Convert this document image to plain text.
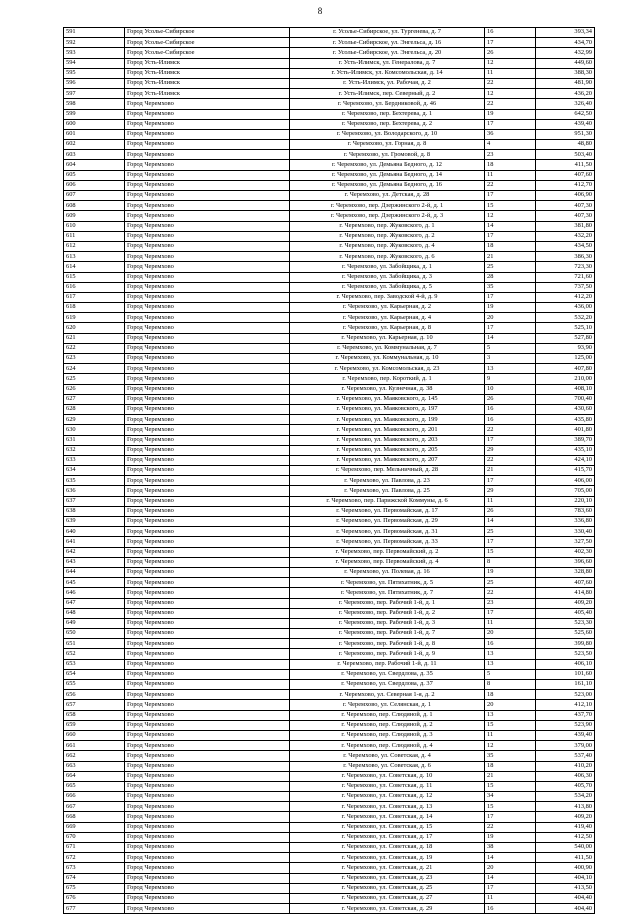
8
591	Город Усолье-Сибирское	г. Усолье-Сибирское, ул. Тургенева, д. 7	16	393,34
592	Город Усолье-Сибирское	г. Усолье-Сибирское, ул. Энгельса, д. 16	17	434,70
593	Город Усолье-Сибирское	г. Усолье-Сибирское, ул. Энгельса, д. 20	26	432,99
594	Город Усть-Илимск	г. Усть-Илимск, ул. Генералова, д. 7	12	449,60
595	Город Усть-Илимск	г. Усть-Илимск, ул. Комсомольская, д. 14	11	388,30
596	Город Усть-Илимск	г. Усть-Илимск, ул. Рабочая, д. 2	22	481,90
597	Город Усть-Илимск	г. Усть-Илимск, пер. Северный, д. 2	12	436,20
598	Город Черемхово	г. Черемхово, ул. Бердниковой, д. 46	22	326,40
599	Город Черемхово	г. Черемхово, пер. Бехтерева, д. 1	19	642,50
600	Город Черемхово	г. Черемхово, пер. Бехтерева, д. 2	17	439,40
601	Город Черемхово	г. Черемхово, ул. Володарского, д. 10	36	951,30
602	Город Черемхово	г. Черемхово, ул. Горная, д. 8	4	48,80
603	Город Черемхово	г. Черемхово, ул. Громовой, д. 8	23	503,40
604	Город Черемхово	г. Черемхово, ул. Демьяна Бедного, д. 12	18	411,50
605	Город Черемхово	г. Черемхово, ул. Демьяна Бедного, д. 14	11	407,60
606	Город Черемхово	г. Черемхово, ул. Демьяна Бедного, д. 16	22	412,70
607	Город Черемхово	г. Черемхово, ул. Детская, д. 28	17	406,90
608	Город Черемхово	г. Черемхово, пер. Дзержинского 2-й, д. 1	15	407,30
609	Город Черемхово	г. Черемхово, пер. Дзержинского 2-й, д. 3	12	407,30
610	Город Черемхово	г. Черемхово, пер. Жуковского, д. 1	14	381,80
611	Город Черемхово	г. Черемхово, пер. Жуковского, д. 2	17	432,20
612	Город Черемхово	г. Черемхово, пер. Жуковского, д. 4	18	434,50
613	Город Черемхово	г. Черемхово, пер. Жуковского, д. 6	21	386,30
614	Город Черемхово	г. Черемхово, ул. Забойщика, д. 1	25	723,30
615	Город Черемхово	г. Черемхово, ул. Забойщика, д. 3	28	721,60
616	Город Черемхово	г. Черемхово, ул. Забойщика, д. 5	35	737,50
617	Город Черемхово	г. Черемхово, пер. Заводской 4-й, д. 9	17	412,20
618	Город Черемхово	г. Черемхово, ул. Карьерная, д. 2	19	436,00
619	Город Черемхово	г. Черемхово, ул. Карьерная, д. 4	20	532,20
620	Город Черемхово	г. Черемхово, ул. Карьерная, д. 8	17	525,10
621	Город Черемхово	г. Черемхово, ул. Карьерная, д. 10	14	527,80
622	Город Черемхово	г. Черемхово, ул. Коммунальная, д. 7	5	93,90
623	Город Черемхово	г. Черемхово, ул. Коммунальная, д. 10	3	125,00
624	Город Черемхово	г. Черемхово, ул. Комсомольская, д. 23	13	407,80
625	Город Черемхово	г. Черемхово, пер. Короткий, д. 1	9	210,00
626	Город Черемхово	г. Черемхово, ул. Кузнечная, д. 38	10	408,10
627	Город Черемхово	г. Черемхово, ул. Маяковского, д. 145	26	700,40
628	Город Черемхово	г. Черемхово, ул. Маяковского, д. 197	16	430,60
629	Город Черемхово	г. Черемхово, ул. Маяковского, д. 199	16	435,80
630	Город Черемхово	г. Черемхово, ул. Маяковского, д. 201	22	401,80
631	Город Черемхово	г. Черемхово, ул. Маяковского, д. 203	17	389,70
632	Город Черемхово	г. Черемхово, ул. Маяковского, д. 205	29	435,10
633	Город Черемхово	г. Черемхово, ул. Маяковского, д. 207	22	424,10
634	Город Черемхово	г. Черемхово, пер. Мельничный, д. 28	21	415,70
635	Город Черемхово	г. Черемхово, ул. Павлова, д. 23	17	406,00
636	Город Черемхово	г. Черемхово, ул. Павлова, д. 25	29	705,00
637	Город Черемхово	г. Черемхово, пер. Парижской Коммуны, д. 6	11	220,10
638	Город Черемхово	г. Черемхово, ул. Первомайская, д. 17	26	783,60
639	Город Черемхово	г. Черемхово, ул. Первомайская, д. 29	14	336,80
640	Город Черемхово	г. Черемхово, ул. Первомайская, д. 31	25	330,40
641	Город Черемхово	г. Черемхово, ул. Первомайская, д. 33	17	327,50
642	Город Черемхово	г. Черемхово, пер. Первомайский, д. 2	15	402,30
643	Город Черемхово	г. Черемхово, пер. Первомайский, д. 4	8	396,60
644	Город Черемхово	г. Черемхово, ул. Полевая, д. 16	19	328,80
645	Город Черемхово	г. Черемхово, ул. Пятихатник, д. 5	25	407,60
646	Город Черемхово	г. Черемхово, ул. Пятихатник, д. 7	22	414,80
647	Город Черемхово	г. Черемхово, пер. Рабочий 1-й, д. 1	23	409,20
648	Город Черемхово	г. Черемхово, пер. Рабочий 1-й, д. 2	17	405,40
649	Город Черемхово	г. Черемхово, пер. Рабочий 1-й, д. 3	11	523,30
650	Город Черемхово	г. Черемхово, пер. Рабочий 1-й, д. 7	20	525,60
651	Город Черемхово	г. Черемхово, пер. Рабочий 1-й, д. 8	16	399,80
652	Город Черемхово	г. Черемхово, пер. Рабочий 1-й, д. 9	13	523,50
653	Город Черемхово	г. Черемхово, пер. Рабочий 1-й, д. 11	13	406,10
654	Город Черемхово	г. Черемхово, ул. Свердлова, д. 35	5	101,60
655	Город Черемхово	г. Черемхово, ул. Свердлова, д. 37	8	161,10
656	Город Черемхово	г. Черемхово, ул. Северная 1-я, д. 2	18	523,00
657	Город Черемхово	г. Черемхово, ул. Селянская, д. 1	20	412,10
658	Город Черемхово	г. Черемхово, пер. Слюдяной, д. 1	13	437,70
659	Город Черемхово	г. Черемхово, пер. Слюдяной, д. 2	15	523,90
660	Город Черемхово	г. Черемхово, пер. Слюдяной, д. 3	11	439,40
661	Город Черемхово	г. Черемхово, пер. Слюдяной, д. 4	12	379,00
662	Город Черемхово	г. Черемхово, ул. Советская, д. 4	35	537,40
663	Город Черемхово	г. Черемхово, ул. Советская, д. 6	18	410,20
664	Город Черемхово	г. Черемхово, ул. Советская, д. 10	21	406,30
665	Город Черемхово	г. Черемхово, ул. Советская, д. 11	15	405,70
666	Город Черемхово	г. Черемхово, ул. Советская, д. 12	34	534,20
667	Город Черемхово	г. Черемхово, ул. Советская, д. 13	15	413,80
668	Город Черемхово	г. Черемхово, ул. Советская, д. 14	17	409,20
669	Город Черемхово	г. Черемхово, ул. Советская, д. 15	22	419,40
670	Город Черемхово	г. Черемхово, ул. Советская, д. 17	19	412,50
671	Город Черемхово	г. Черемхово, ул. Советская, д. 18	38	540,00
672	Город Черемхово	г. Черемхово, ул. Советская, д. 19	14	411,50
673	Город Черемхово	г. Черемхово, ул. Советская, д. 21	20	400,90
674	Город Черемхово	г. Черемхово, ул. Советская, д. 23	14	404,10
675	Город Черемхово	г. Черемхово, ул. Советская, д. 25	17	413,50
676	Город Черемхово	г. Черемхово, ул. Советская, д. 27	11	404,40
677	Город Черемхово	г. Черемхово, ул. Советская, д. 29	16	404,40
